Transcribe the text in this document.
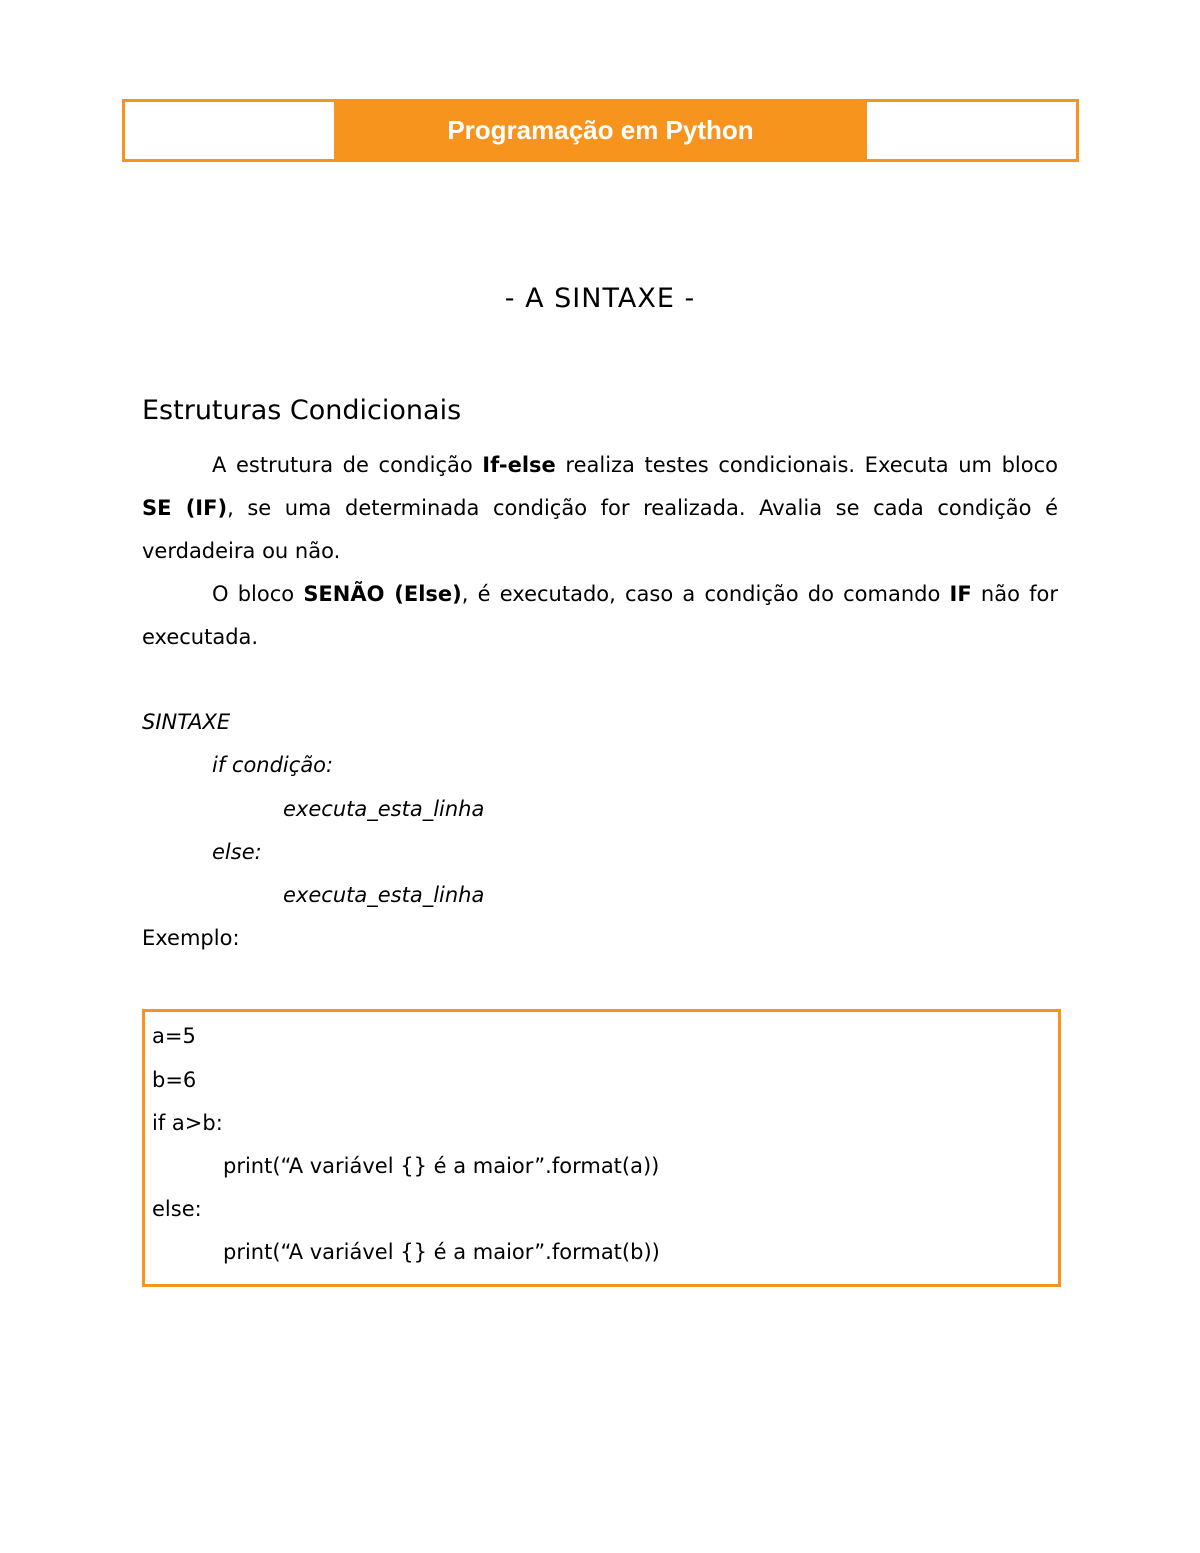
Programação em Python
- A SINTAXE -
Estruturas Condicionais

A estrutura de condição If-else realiza testes condicionais. Executa um bloco SE (IF), se uma determinada condição for realizada. Avalia se cada condição é verdadeira ou não.

O bloco SENÃO (Else), é executado, caso a condição do comando IF não for executada.

SINTAXE

if condição:

executa_esta_linha

else:

executa_esta_linha

Exemplo:

a=5

b=6

if a>b:

print(“A variável {} é a maior”.format(a))

else:

print(“A variável {} é a maior”.format(b))
